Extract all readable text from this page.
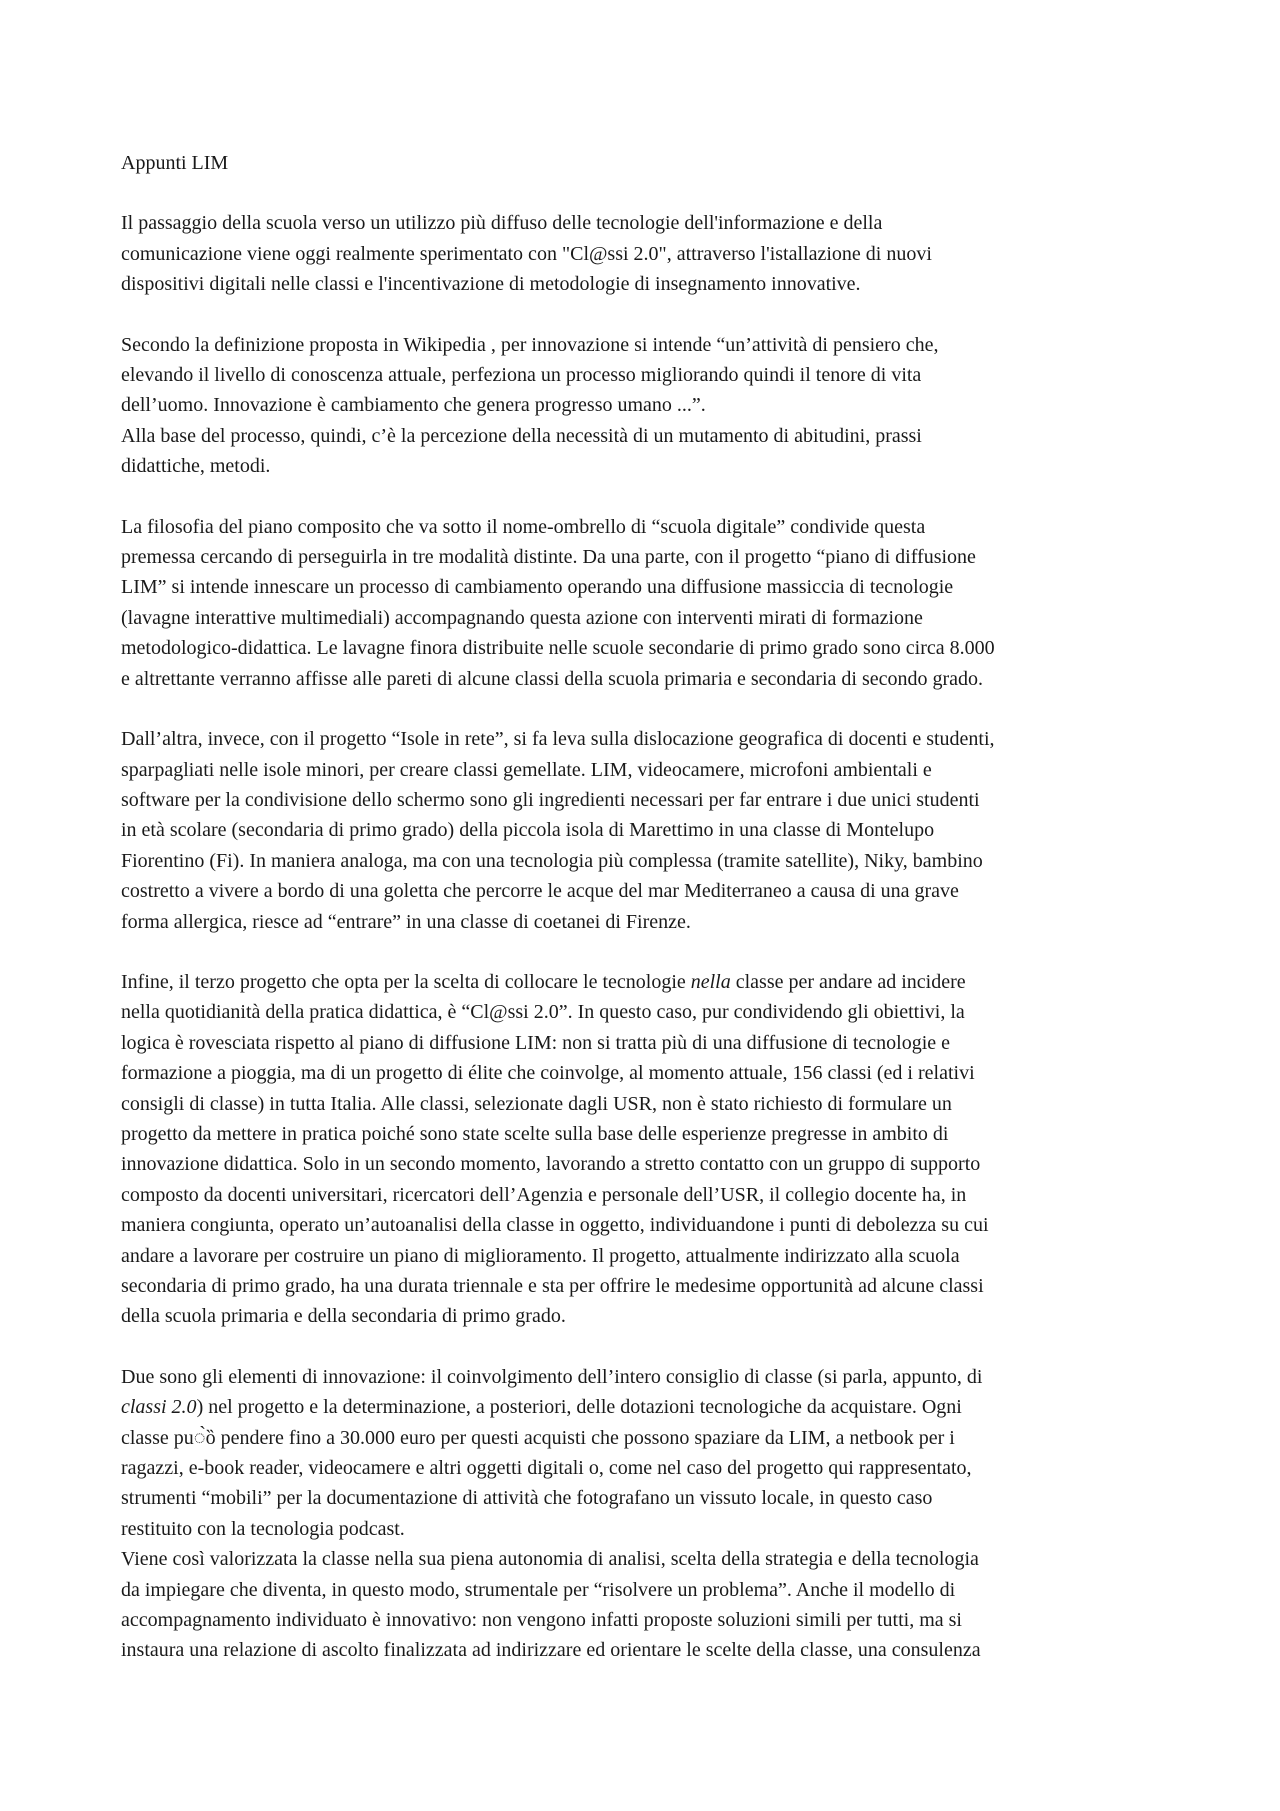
Appunti LIM
Il passaggio della scuola verso un utilizzo più diffuso delle tecnologie dell'informazione e della
comunicazione viene oggi realmente sperimentato con "Cl@ssi 2.0", attraverso l'istallazione di nuovi
dispositivi digitali nelle classi e l'incentivazione di metodologie di insegnamento innovative.
Secondo la definizione proposta in Wikipedia , per innovazione si intende “un’attività di pensiero che,
elevando il livello di conoscenza attuale, perfeziona un processo migliorando quindi il tenore di vita
dell’uomo. Innovazione è cambiamento che genera progresso umano ...”.
Alla base del processo, quindi, c’è la percezione della necessità di un mutamento di abitudini, prassi
didattiche, metodi.
La filosofia del piano composito che va sotto il nome-ombrello di “scuola digitale” condivide questa
premessa cercando di perseguirla in tre modalità distinte. Da una parte, con il progetto “piano di diffusione
LIM” si intende innescare un processo di cambiamento operando una diffusione massiccia di tecnologie
(lavagne interattive multimediali) accompagnando questa azione con interventi mirati di formazione
metodologico-didattica. Le lavagne finora distribuite nelle scuole secondarie di primo grado sono circa 8.000
e altrettante verranno affisse alle pareti di alcune classi della scuola primaria e secondaria di secondo grado.
Dall’altra, invece, con il progetto “Isole in rete”, si fa leva sulla dislocazione geografica di docenti e studenti,
sparpagliati nelle isole minori, per creare classi gemellate. LIM, videocamere, microfoni ambientali e
software per la condivisione dello schermo sono gli ingredienti necessari per far entrare i due unici studenti
in età scolare (secondaria di primo grado) della piccola isola di Marettimo in una classe di Montelupo
Fiorentino (Fi). In maniera analoga, ma con una tecnologia più complessa (tramite satellite), Niky, bambino
costretto a vivere a bordo di una goletta che percorre le acque del mar Mediterraneo a causa di una grave
forma allergica, riesce ad “entrare” in una classe di coetanei di Firenze.
Infine, il terzo progetto che opta per la scelta di collocare le tecnologie nella classe per andare ad incidere
nella quotidianità della pratica didattica, è “Cl@ssi 2.0”. In questo caso, pur condividendo gli obiettivi, la
logica è rovesciata rispetto al piano di diffusione LIM: non si tratta più di una diffusione di tecnologie e
formazione a pioggia, ma di un progetto di élite che coinvolge, al momento attuale, 156 classi (ed i relativi
consigli di classe) in tutta Italia. Alle classi, selezionate dagli USR, non è stato richiesto di formulare un
progetto da mettere in pratica poiché sono state scelte sulla base delle esperienze pregresse in ambito di
innovazione didattica. Solo in un secondo momento, lavorando a stretto contatto con un gruppo di supporto
composto da docenti universitari, ricercatori dell’Agenzia e personale dell’USR, il collegio docente ha, in
maniera congiunta, operato un’autoanalisi della classe in oggetto, individuandone i punti di debolezza su cui
andare a lavorare per costruire un piano di miglioramento. Il progetto, attualmente indirizzato alla scuola
secondaria di primo grado, ha una durata triennale e sta per offrire le medesime opportunità ad alcune classi
della scuola primaria e della secondaria di primo grado.
Due sono gli elementi di innovazione: il coinvolgimento dell’intero consiglio di classe (si parla, appunto, di
classi 2.0) nel progetto e la determinazione, a posteriori, delle dotazioni tecnologiche da acquistare. Ogni
classe pu◌̀ȍ pendere fino a 30.000 euro per questi acquisti che possono spaziare da LIM, a netbook per i
ragazzi, e-book reader, videocamere e altri oggetti digitali o, come nel caso del progetto qui rappresentato,
strumenti “mobili” per la documentazione di attività che fotografano un vissuto locale, in questo caso
restituito con la tecnologia podcast.
Viene così valorizzata la classe nella sua piena autonomia di analisi, scelta della strategia e della tecnologia
da impiegare che diventa, in questo modo, strumentale per “risolvere un problema”. Anche il modello di
accompagnamento individuato è innovativo: non vengono infatti proposte soluzioni simili per tutti, ma si
instaura una relazione di ascolto finalizzata ad indirizzare ed orientare le scelte della classe, una consulenza
